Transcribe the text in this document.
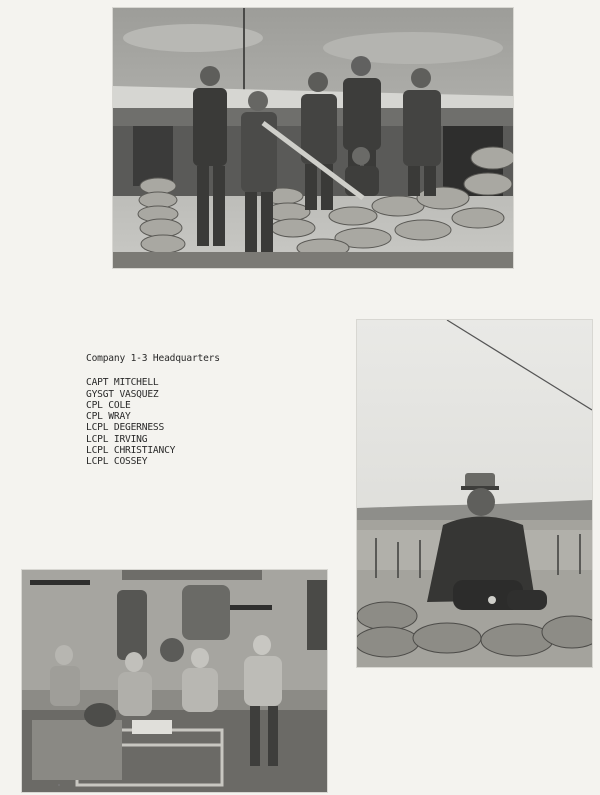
Company 1-3 Headquarters
CAPT MITCHELL
GYSGT VASQUEZ
CPL COLE
CPL WRAY
LCPL DEGERNESS
LCPL IRVING
LCPL CHRISTIANCY
LCPL COSSEY
